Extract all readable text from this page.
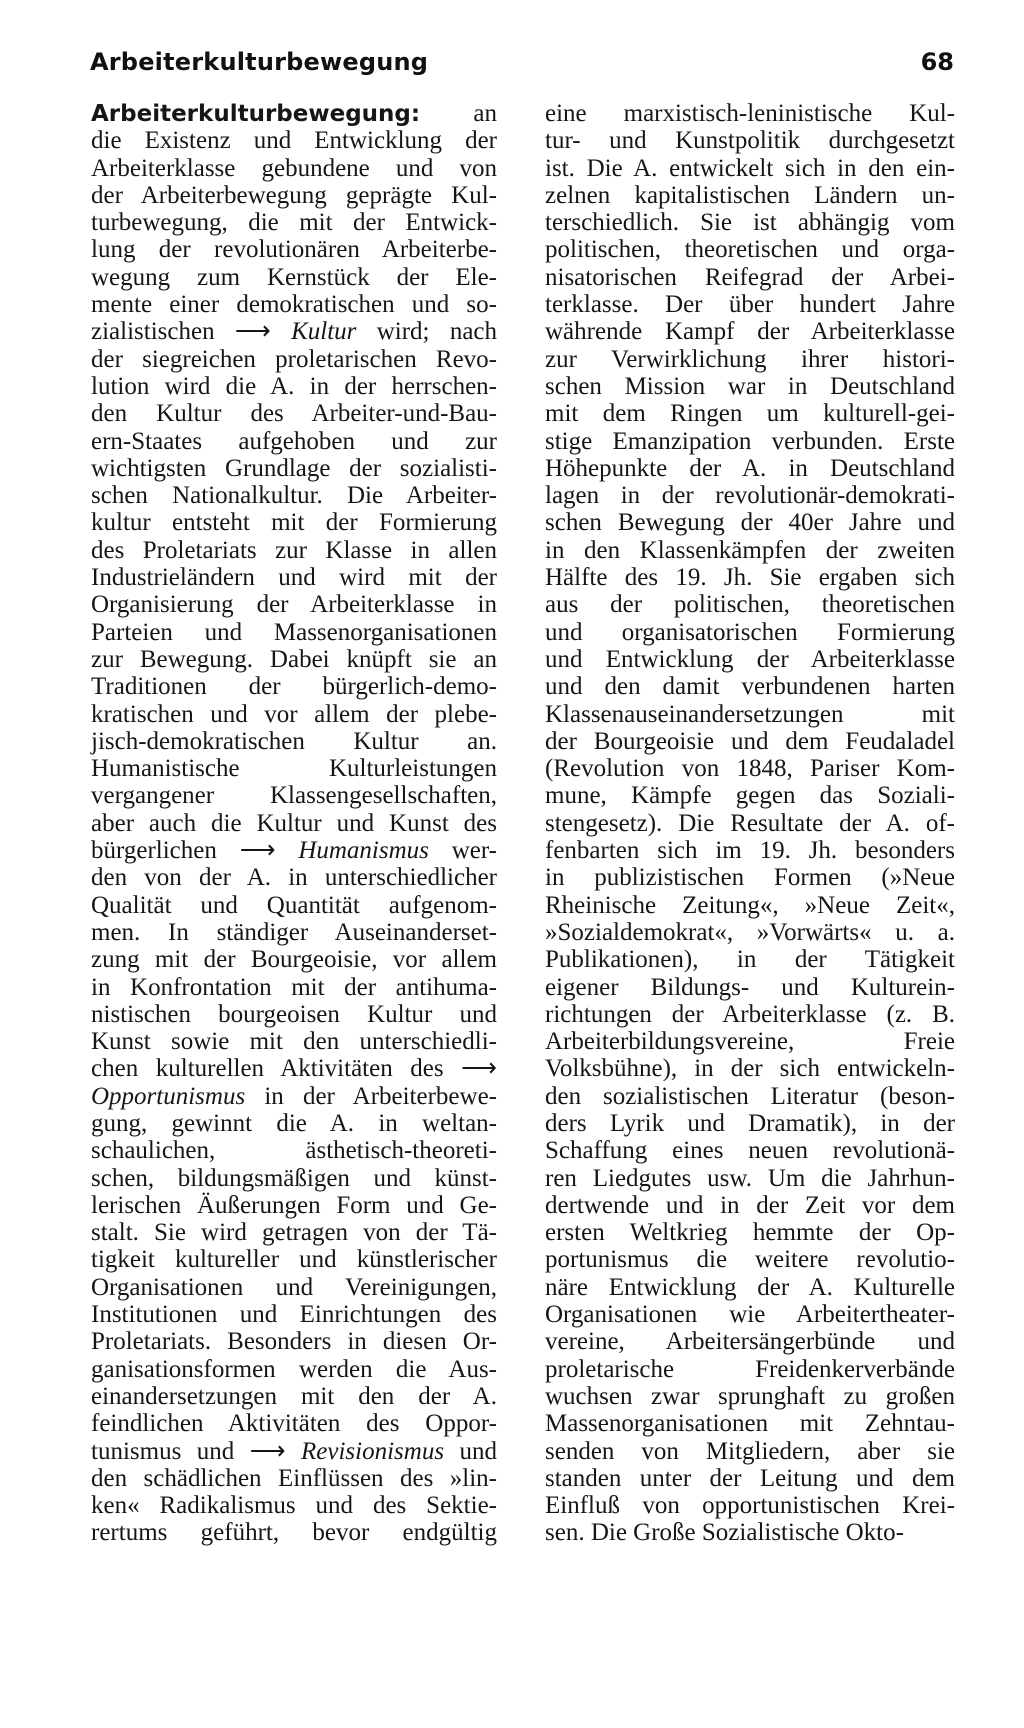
Arbeiterkulturbewegung	68
Arbeiterkulturbewegung: an
die Existenz und Entwicklung der
Arbeiterklasse gebundene und von
der Arbeiterbewegung geprägte Kul-
turbewegung, die mit der Entwick-
lung der revolutionären Arbeiterbe-
wegung zum Kernstück der Ele-
mente einer demokratischen und so-
zialistischen ⟶ Kultur wird; nach
der siegreichen proletarischen Revo-
lution wird die A. in der herrschen-
den Kultur des Arbeiter-und-Bau-
ern-Staates aufgehoben und zur
wichtigsten Grundlage der sozialisti-
schen Nationalkultur. Die Arbeiter-
kultur entsteht mit der Formierung
des Proletariats zur Klasse in allen
Industrieländern und wird mit der
Organisierung der Arbeiterklasse in
Parteien und Massenorganisationen
zur Bewegung. Dabei knüpft sie an
Traditionen der bürgerlich-demo-
kratischen und vor allem der plebe-
jisch-demokratischen Kultur an.
Humanistische Kulturleistungen
vergangener Klassengesellschaften,
aber auch die Kultur und Kunst des
bürgerlichen ⟶ Humanismus wer-
den von der A. in unterschiedlicher
Qualität und Quantität aufgenom-
men. In ständiger Auseinanderset-
zung mit der Bourgeoisie, vor allem
in Konfrontation mit der antihuma-
nistischen bourgeoisen Kultur und
Kunst sowie mit den unterschiedli-
chen kulturellen Aktivitäten des ⟶
Opportunismus in der Arbeiterbewe-
gung, gewinnt die A. in weltan-
schaulichen, ästhetisch-theoreti-
schen, bildungsmäßigen und künst-
lerischen Äußerungen Form und Ge-
stalt. Sie wird getragen von der Tä-
tigkeit kultureller und künstlerischer
Organisationen und Vereinigungen,
Institutionen und Einrichtungen des
Proletariats. Besonders in diesen Or-
ganisationsformen werden die Aus-
einandersetzungen mit den der A.
feindlichen Aktivitäten des Oppor-
tunismus und ⟶ Revisionismus und
den schädlichen Einflüssen des »lin-
ken« Radikalismus und des Sektie-
rertums geführt, bevor endgültig
eine marxistisch-leninistische Kul-
tur- und Kunstpolitik durchgesetzt
ist. Die A. entwickelt sich in den ein-
zelnen kapitalistischen Ländern un-
terschiedlich. Sie ist abhängig vom
politischen, theoretischen und orga-
nisatorischen Reifegrad der Arbei-
terklasse. Der über hundert Jahre
währende Kampf der Arbeiterklasse
zur Verwirklichung ihrer histori-
schen Mission war in Deutschland
mit dem Ringen um kulturell-gei-
stige Emanzipation verbunden. Erste
Höhepunkte der A. in Deutschland
lagen in der revolutionär-demokrati-
schen Bewegung der 40er Jahre und
in den Klassenkämpfen der zweiten
Hälfte des 19. Jh. Sie ergaben sich
aus der politischen, theoretischen
und organisatorischen Formierung
und Entwicklung der Arbeiterklasse
und den damit verbundenen harten
Klassenauseinandersetzungen mit
der Bourgeoisie und dem Feudaladel
(Revolution von 1848, Pariser Kom-
mune, Kämpfe gegen das Soziali-
stengesetz). Die Resultate der A. of-
fenbarten sich im 19. Jh. besonders
in publizistischen Formen (»Neue
Rheinische Zeitung«, »Neue Zeit«,
»Sozialdemokrat«, »Vorwärts« u. a.
Publikationen), in der Tätigkeit
eigener Bildungs- und Kulturein-
richtungen der Arbeiterklasse (z. B.
Arbeiterbildungsvereine, Freie
Volksbühne), in der sich entwickeln-
den sozialistischen Literatur (beson-
ders Lyrik und Dramatik), in der
Schaffung eines neuen revolutionä-
ren Liedgutes usw. Um die Jahrhun-
dertwende und in der Zeit vor dem
ersten Weltkrieg hemmte der Op-
portunismus die weitere revolutio-
näre Entwicklung der A. Kulturelle
Organisationen wie Arbeitertheater-
vereine, Arbeitersängerbünde und
proletarische Freidenkerverbände
wuchsen zwar sprunghaft zu großen
Massenorganisationen mit Zehntau-
senden von Mitgliedern, aber sie
standen unter der Leitung und dem
Einfluß von opportunistischen Krei-
sen. Die Große Sozialistische Okto-
